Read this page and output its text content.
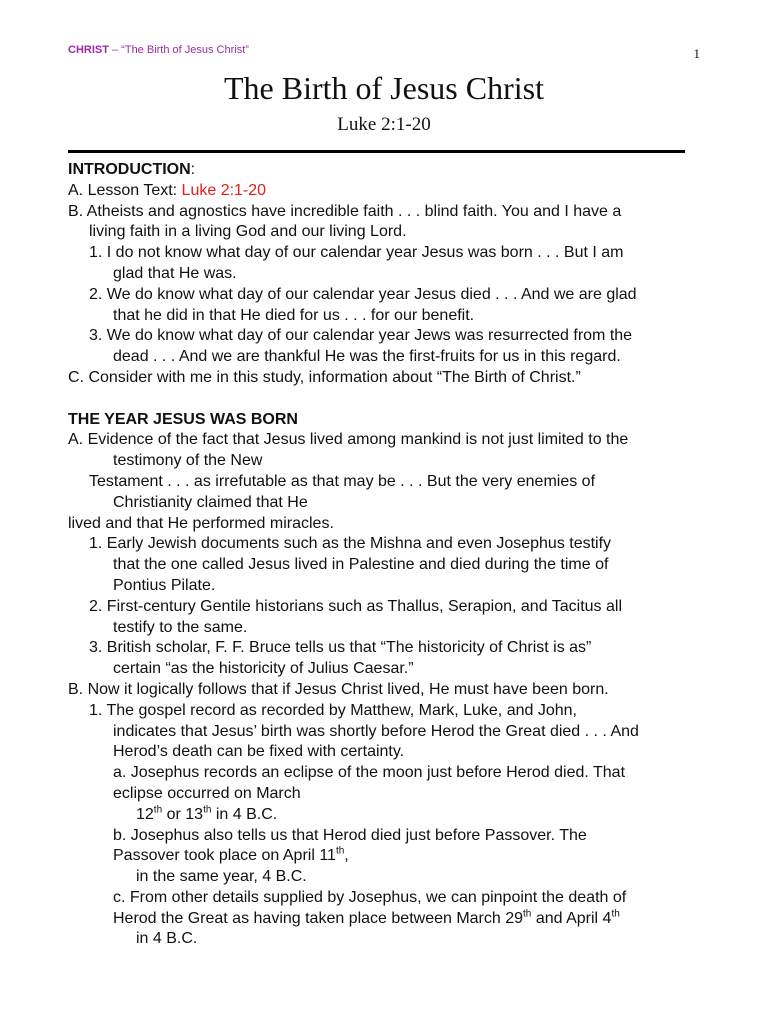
CHRIST – “The Birth of Jesus Christ”	1
The Birth of Jesus Christ
Luke 2:1-20
INTRODUCTION:
A. Lesson Text: Luke 2:1-20
B. Atheists and agnostics have incredible faith . . . blind faith. You and I have a
living faith in a living God and our living Lord.
1. I do not know what day of our calendar year Jesus was born . . . But I am
glad that He was.
2. We do know what day of our calendar year Jesus died . . . And we are glad
that he did in that He died for us . . . for our benefit.
3. We do know what day of our calendar year Jews was resurrected from the
dead . . . And we are thankful He was the first-fruits for us in this regard.
C. Consider with me in this study, information about “The Birth of Christ.”
THE YEAR JESUS WAS BORN
A. Evidence of the fact that Jesus lived among mankind is not just limited to the
testimony of the New
Testament . . . as irrefutable as that may be . . . But the very enemies of
Christianity claimed that He
lived and that He performed miracles.
1. Early Jewish documents such as the Mishna and even Josephus testify
that the one called Jesus lived in Palestine and died during the time of
Pontius Pilate.
2. First-century Gentile historians such as Thallus, Serapion, and Tacitus all
testify to the same.
3. British scholar, F. F. Bruce tells us that “The historicity of Christ is as”
certain “as the historicity of Julius Caesar.”
B. Now it logically follows that if Jesus Christ lived, He must have been born.
1. The gospel record as recorded by Matthew, Mark, Luke, and John,
indicates that Jesus’ birth was shortly before Herod the Great died . . . And
Herod’s death can be fixed with certainty.
a. Josephus records an eclipse of the moon just before Herod died. That
eclipse occurred on March
12th or 13th in 4 B.C.
b. Josephus also tells us that Herod died just before Passover. The
Passover took place on April 11th,
in the same year, 4 B.C.
c. From other details supplied by Josephus, we can pinpoint the death of
Herod the Great as having taken place between March 29th and April 4th
in 4 B.C.
